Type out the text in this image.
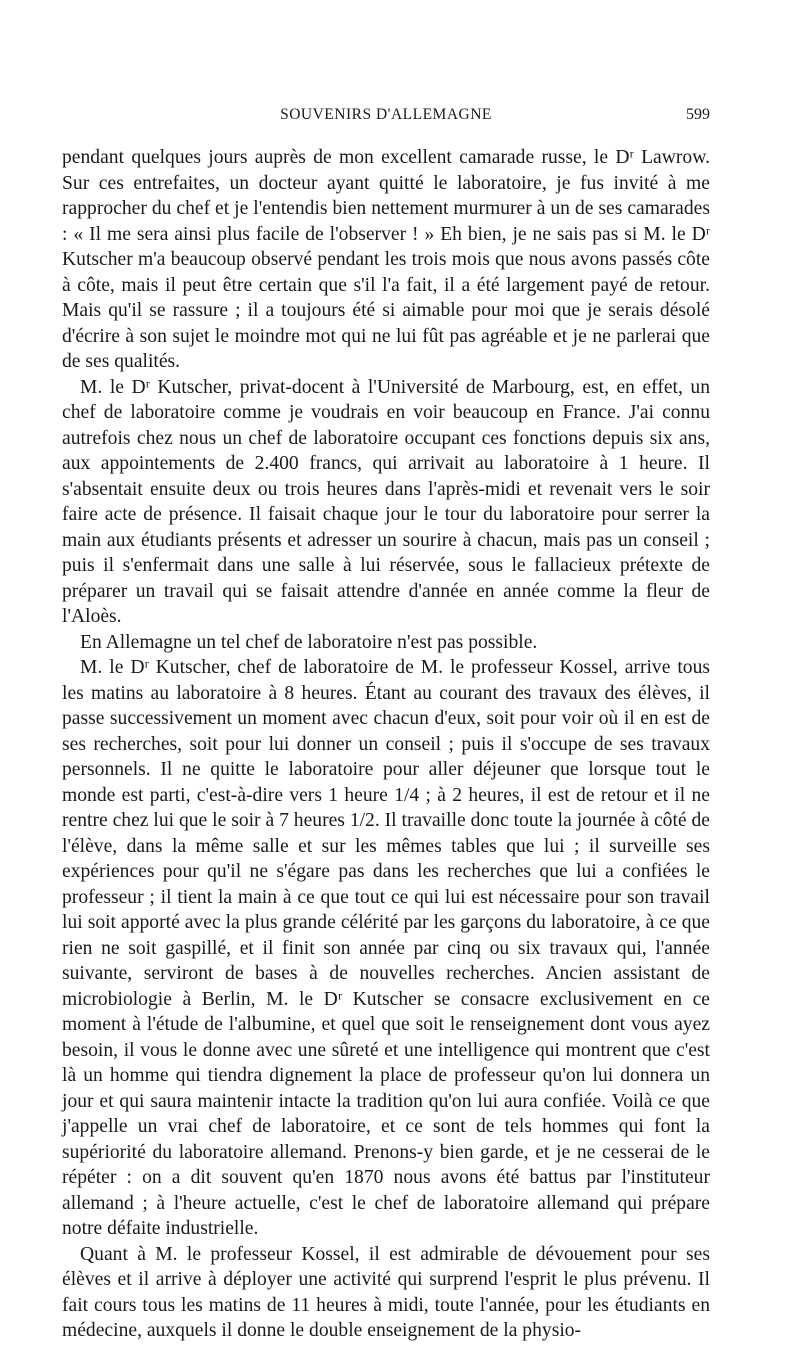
SOUVENIRS D'ALLEMAGNE	599

pendant quelques jours auprès de mon excellent camarade russe, le Dʳ Lawrow. Sur ces entrefaites, un docteur ayant quitté le laboratoire, je fus invité à me rapprocher du chef et je l'entendis bien nettement murmurer à un de ses camarades : « Il me sera ainsi plus facile de l'observer ! » Eh bien, je ne sais pas si M. le Dʳ Kutscher m'a beaucoup observé pendant les trois mois que nous avons passés côte à côte, mais il peut être certain que s'il l'a fait, il a été largement payé de retour. Mais qu'il se rassure ; il a toujours été si aimable pour moi que je serais désolé d'écrire à son sujet le moindre mot qui ne lui fût pas agréable et je ne parlerai que de ses qualités.

M. le Dʳ Kutscher, privat-docent à l'Université de Marbourg, est, en effet, un chef de laboratoire comme je voudrais en voir beaucoup en France. J'ai connu autrefois chez nous un chef de laboratoire occupant ces fonctions depuis six ans, aux appointements de 2.400 francs, qui arrivait au laboratoire à 1 heure. Il s'absentait ensuite deux ou trois heures dans l'après-midi et revenait vers le soir faire acte de présence. Il faisait chaque jour le tour du laboratoire pour serrer la main aux étudiants présents et adresser un sourire à chacun, mais pas un conseil ; puis il s'enfermait dans une salle à lui réservée, sous le fallacieux prétexte de préparer un travail qui se faisait attendre d'année en année comme la fleur de l'Aloès.

En Allemagne un tel chef de laboratoire n'est pas possible.

M. le Dʳ Kutscher, chef de laboratoire de M. le professeur Kossel, arrive tous les matins au laboratoire à 8 heures. Étant au courant des travaux des élèves, il passe successivement un moment avec chacun d'eux, soit pour voir où il en est de ses recherches, soit pour lui donner un conseil ; puis il s'occupe de ses travaux personnels. Il ne quitte le laboratoire pour aller déjeuner que lorsque tout le monde est parti, c'est-à-dire vers 1 heure 1/4 ; à 2 heures, il est de retour et il ne rentre chez lui que le soir à 7 heures 1/2. Il travaille donc toute la journée à côté de l'élève, dans la même salle et sur les mêmes tables que lui ; il surveille ses expériences pour qu'il ne s'égare pas dans les recherches que lui a confiées le professeur ; il tient la main à ce que tout ce qui lui est nécessaire pour son travail lui soit apporté avec la plus grande célérité par les garçons du laboratoire, à ce que rien ne soit gaspillé, et il finit son année par cinq ou six travaux qui, l'année suivante, serviront de bases à de nouvelles recherches. Ancien assistant de microbiologie à Berlin, M. le Dʳ Kutscher se consacre exclusivement en ce moment à l'étude de l'albumine, et quel que soit le renseignement dont vous ayez besoin, il vous le donne avec une sûreté et une intelligence qui montrent que c'est là un homme qui tiendra dignement la place de professeur qu'on lui donnera un jour et qui saura maintenir intacte la tradition qu'on lui aura confiée. Voilà ce que j'appelle un vrai chef de laboratoire, et ce sont de tels hommes qui font la supériorité du laboratoire allemand. Prenons-y bien garde, et je ne cesserai de le répéter : on a dit souvent qu'en 1870 nous avons été battus par l'instituteur allemand ; à l'heure actuelle, c'est le chef de laboratoire allemand qui prépare notre défaite industrielle.

Quant à M. le professeur Kossel, il est admirable de dévouement pour ses élèves et il arrive à déployer une activité qui surprend l'esprit le plus prévenu. Il fait cours tous les matins de 11 heures à midi, toute l'année, pour les étudiants en médecine, auxquels il donne le double enseignement de la physio-
